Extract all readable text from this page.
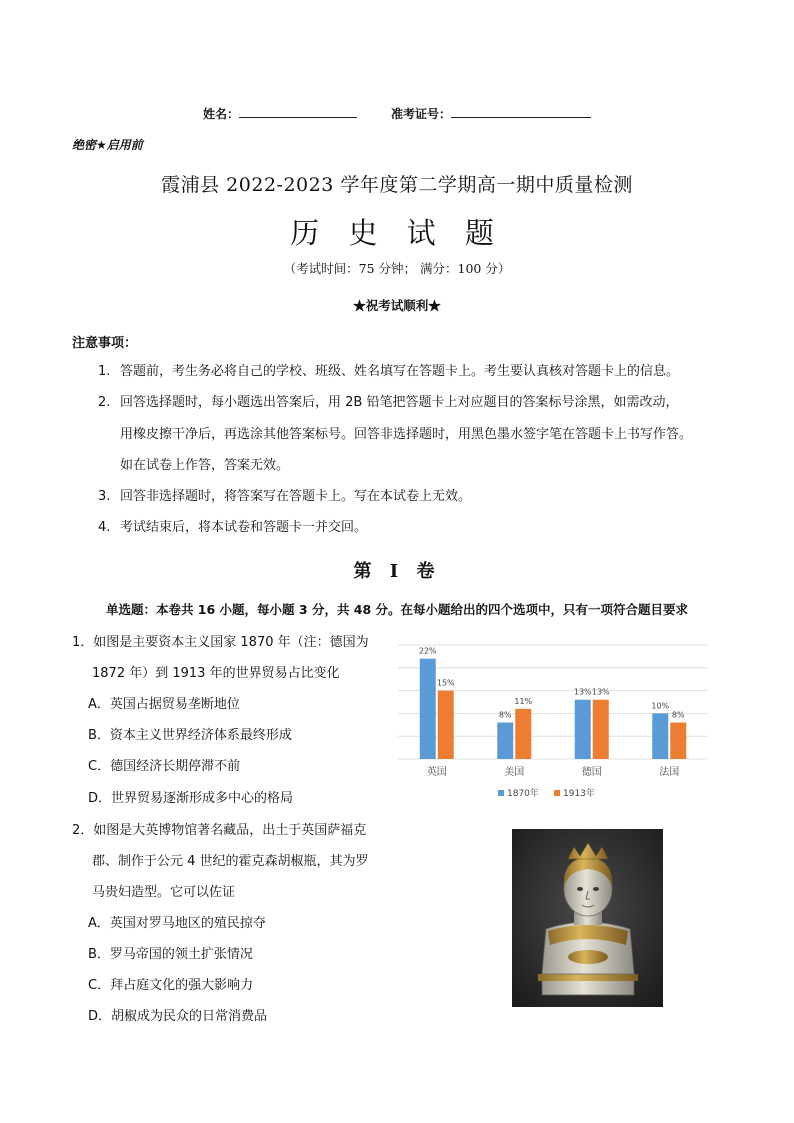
姓名：	准考证号：
绝密★启用前
霞浦县 2022-2023 学年度第二学期高一期中质量检测
历 史 试 题
（考试时间：75 分钟； 满分：100 分）
★祝考试顺利★
注意事项：
1. 答题前，考生务必将自己的学校、班级、姓名填写在答题卡上。考生要认真核对答题卡上的信息。
2. 回答选择题时，每小题选出答案后，用 2B 铅笔把答题卡上对应题目的答案标号涂黑，如需改动，
用橡皮擦干净后，再选涂其他答案标号。回答非选择题时，用黑色墨水签字笔在答题卡上书写作答。
如在试卷上作答，答案无效。
3. 回答非选择题时，将答案写在答题卡上。写在本试卷上无效。
4. 考试结束后，将本试卷和答题卡一并交回。
第 Ⅰ 卷
单选题：本卷共 16 小题，每小题 3 分，共 48 分。在每小题给出的四个选项中，只有一项符合题目要求
1．如图是主要资本主义国家 1870 年（注：德国为
1872 年）到 1913 年的世界贸易占比变化
A．英国占据贸易垄断地位
B．资本主义世界经济体系最终形成
C．德国经济长期停滞不前
D．世界贸易逐渐形成多中心的格局
22%
15%
英国
8%
11%
美国
13% 13%
德国
10%
8%
法国
1870年	1913年
2．如图是大英博物馆著名藏品，出土于英国萨福克
郡、制作于公元 4 世纪的霍克森胡椒瓶，其为罗
马贵妇造型。它可以佐证
A．英国对罗马地区的殖民掠夺
B．罗马帝国的领土扩张情况
C．拜占庭文化的强大影响力
D．胡椒成为民众的日常消费品
